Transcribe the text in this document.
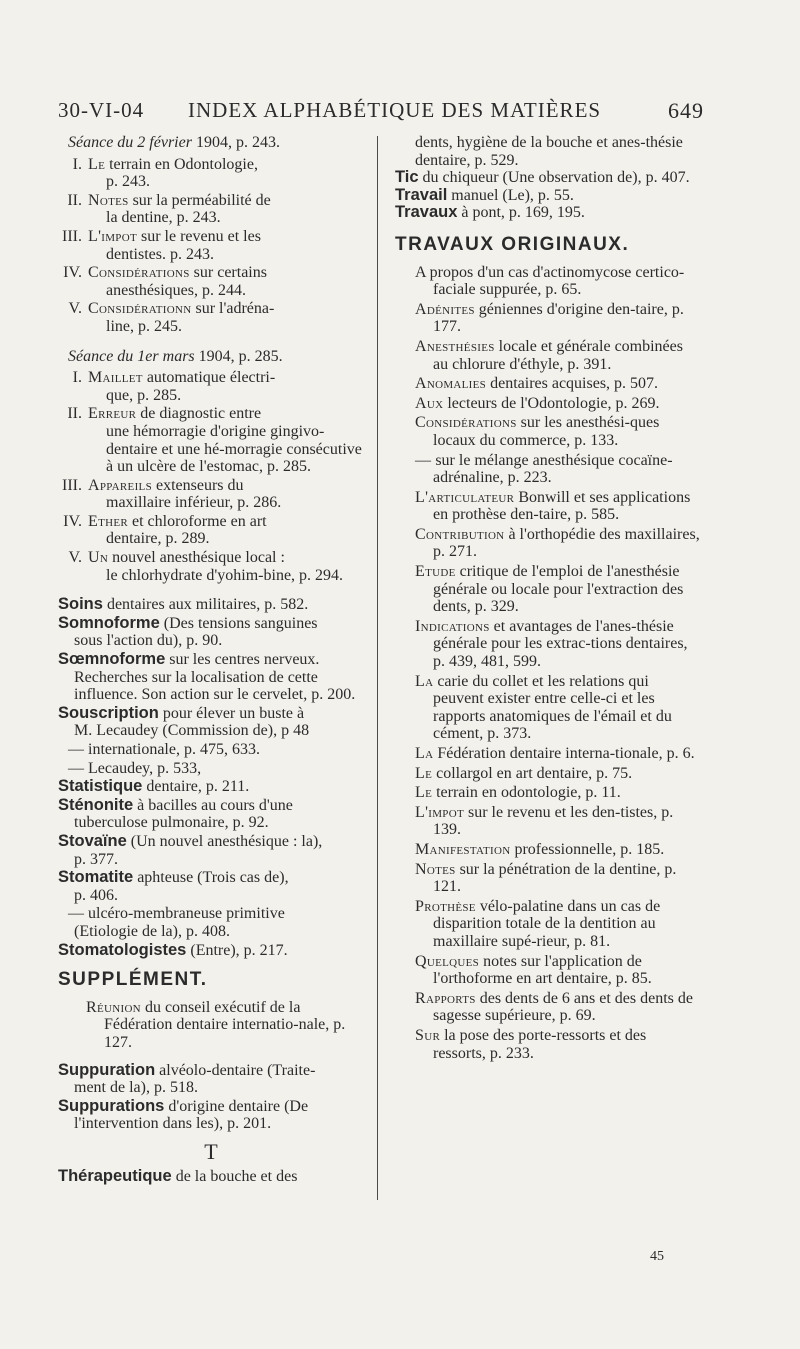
30-VI-04 INDEX ALPHABÉTIQUE DES MATIÈRES	649
Séance du 2 février 1904, p. 243.
I. Le terrain en Odontologie,
p. 243.
II. Notes sur la perméabilité de
la dentine, p. 243.
III. L'impot sur le revenu et les
dentistes. p. 243.
IV. Considérations sur certains
anesthésiques, p. 244.
V. Considérationn sur l'adréna-
line, p. 245.
Séance du 1er mars 1904, p. 285.
I. Maillet automatique électri-
que, p. 285.
II. Erreur de diagnostic entre
une hémorragie d'origine gingivo-dentaire et une hé-morragie consécutive à un ulcère de l'estomac, p. 285.
III. Appareils extenseurs du
maxillaire inférieur, p. 286.
IV. Ether et chloroforme en art
dentaire, p. 289.
V. Un nouvel anesthésique local :
le chlorhydrate d'yohim-bine, p. 294.
Soins dentaires aux militaires, p. 582.
Somnoforme (Des tensions sanguines
sous l'action du), p. 90.
Sœmnoforme sur les centres nerveux.
Recherches sur la localisation de cette influence. Son action sur le cervelet, p. 200.
Souscription pour élever un buste à
M. Lecaudey (Commission de), p 48
— internationale, p. 475, 633.
— Lecaudey, p. 533,
Statistique dentaire, p. 211.
Sténonite à bacilles au cours d'une
tuberculose pulmonaire, p. 92.
Stovaïne (Un nouvel anesthésique : la),
p. 377.
Stomatite aphteuse (Trois cas de),
p. 406.
— ulcéro-membraneuse primitive
(Etiologie de la), p. 408.
Stomatologistes (Entre), p. 217.
SUPPLÉMENT.
Réunion du conseil exécutif de la Fédération dentaire internatio-nale, p. 127.
Suppuration alvéolo-dentaire (Traite-
ment de la), p. 518.
Suppurations d'origine dentaire (De
l'intervention dans les), p. 201.
T
Thérapeutique de la bouche et des
dents, hygiène de la bouche et anes-thésie dentaire, p. 529.
Tic du chiqueur (Une observation de), p. 407.
Travail manuel (Le), p. 55.
Travaux à pont, p. 169, 195.
TRAVAUX ORIGINAUX.
A propos d'un cas d'actinomycose certico-faciale suppurée, p. 65.
Adénites géniennes d'origine den-taire, p. 177.
Anesthésies locale et générale combinées au chlorure d'éthyle, p. 391.
Anomalies dentaires acquises, p. 507.
Aux lecteurs de l'Odontologie, p. 269.
Considérations sur les anesthési-ques locaux du commerce, p. 133.
— sur le mélange anesthésique cocaïne-adrénaline, p. 223.
L'articulateur Bonwill et ses applications en prothèse den-taire, p. 585.
Contribution à l'orthopédie des maxillaires, p. 271.
Etude critique de l'emploi de l'anesthésie générale ou locale pour l'extraction des dents, p. 329.
Indications et avantages de l'anes-thésie générale pour les extrac-tions dentaires, p. 439, 481, 599.
La carie du collet et les relations qui peuvent exister entre celle-ci et les rapports anatomiques de l'émail et du cément, p. 373.
La Fédération dentaire interna-tionale, p. 6.
Le collargol en art dentaire, p. 75.
Le terrain en odontologie, p. 11.
L'impot sur le revenu et les den-tistes, p. 139.
Manifestation professionnelle, p. 185.
Notes sur la pénétration de la dentine, p. 121.
Prothèse vélo-palatine dans un cas de disparition totale de la dentition au maxillaire supé-rieur, p. 81.
Quelques notes sur l'application de l'orthoforme en art dentaire, p. 85.
Rapports des dents de 6 ans et des dents de sagesse supérieure, p. 69.
Sur la pose des porte-ressorts et des ressorts, p. 233.
45
